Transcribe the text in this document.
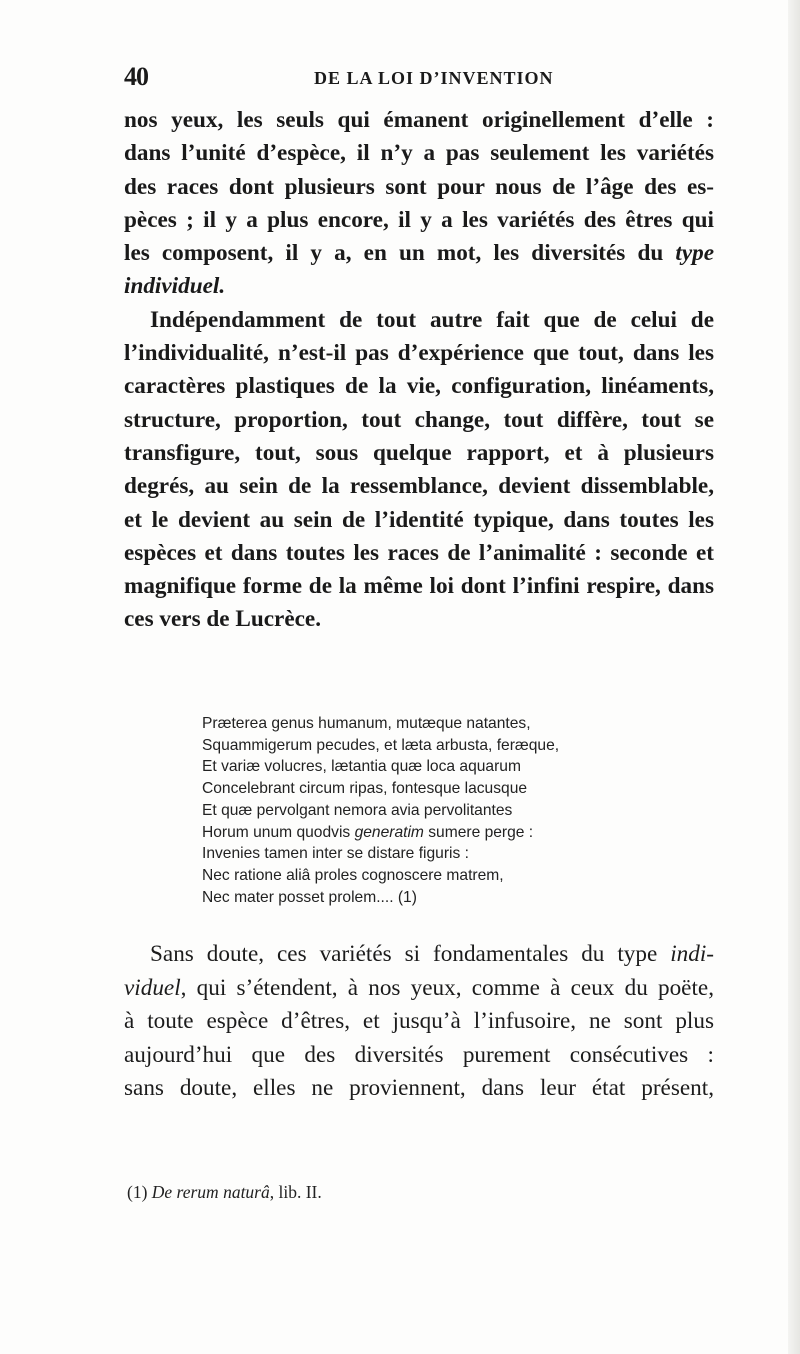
40	DE LA LOI D’INVENTION
nos yeux, les seuls qui émanent originellement d’elle :
dans l’unité d’espèce, il n’y a pas seulement les variétés
des races dont plusieurs sont pour nous de l’âge des es-
pèces ; il y a plus encore, il y a les variétés des êtres qui
les composent, il y a, en un mot, les diversités du type
individuel.
Indépendamment de tout autre fait que de celui de
l’individualité, n’est-il pas d’expérience que tout, dans les
caractères plastiques de la vie, configuration, linéaments,
structure, proportion, tout change, tout diffère, tout se
transfigure, tout, sous quelque rapport, et à plusieurs
degrés, au sein de la ressemblance, devient dissemblable,
et le devient au sein de l’identité typique, dans toutes les
espèces et dans toutes les races de l’animalité : seconde et
magnifique forme de la même loi dont l’infini respire, dans
ces vers de Lucrèce.
Præterea genus humanum, mutæque natantes,
Squammigerum pecudes, et læta arbusta, feræque,
Et variæ volucres, lætantia quæ loca aquarum
Concelebrant circum ripas, fontesque lacusque
Et quæ pervolgant nemora avia pervolitantes
Horum unum quodvis generatim sumere perge :
Invenies tamen inter se distare figuris :
Nec ratione aliâ proles cognoscere matrem,
Nec mater posset prolem.... (1)
Sans doute, ces variétés si fondamentales du type indi-
viduel, qui s’étendent, à nos yeux, comme à ceux du poëte,
à toute espèce d’êtres, et jusqu’à l’infusoire, ne sont plus
aujourd’hui que des diversités purement consécutives :
sans doute, elles ne proviennent, dans leur état présent,
(1) De rerum naturâ, lib. II.
